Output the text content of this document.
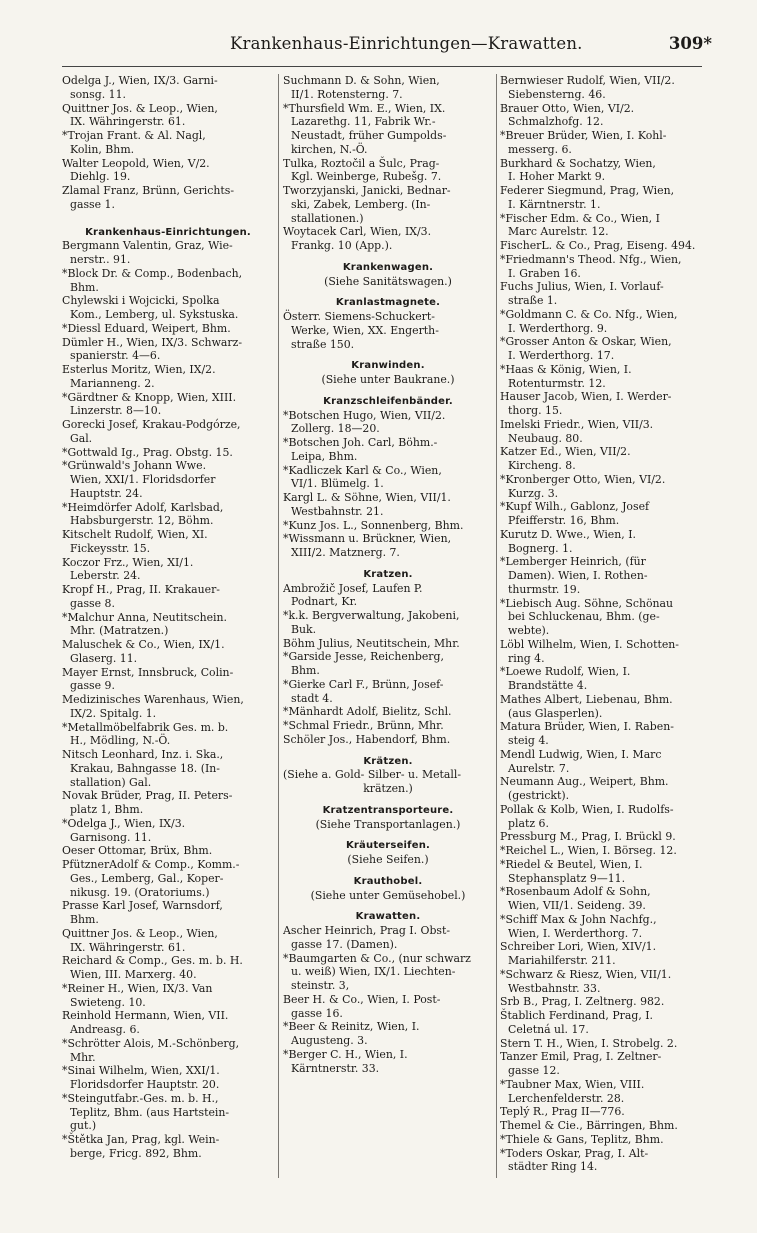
Krankenhaus-Einrichtungen—Krawatten.	309*
Odelga J., Wien, IX/3. Garni-
sonsg. 11.
Quittner Jos. & Leop., Wien,
IX. Währingerstr. 61.
*Trojan Frant. & Al. Nagl,
Kolin, Bhm.
Walter Leopold, Wien, V/2.
Diehlg. 19.
Zlamal Franz, Brünn, Gerichts-
gasse 1.
Krankenhaus-Einrichtungen.
Bergmann Valentin, Graz, Wie-
nerstr.. 91.
*Block Dr. & Comp., Bodenbach,
Bhm.
Chylewski i Wojcicki, Spolka
Kom., Lemberg, ul. Sykstuska.
*Diessl Eduard, Weipert, Bhm.
Dümler H., Wien, IX/3. Schwarz-
spanierstr. 4—6.
Esterlus Moritz, Wien, IX/2.
Marianneng. 2.
*Gärdtner & Knopp, Wien, XIII.
Linzerstr. 8—10.
Gorecki Josef, Krakau-Podgórze,
Gal.
*Gottwald Ig., Prag. Obstg. 15.
*Grünwald's Johann Wwe.
Wien, XXI/1. Floridsdorfer
Hauptstr. 24.
*Heimdörfer Adolf, Karlsbad,
Habsburgerstr. 12, Böhm.
Kitschelt Rudolf, Wien, XI.
Fickeysstr. 15.
Koczor Frz., Wien, XI/1.
Leberstr. 24.
Kropf H., Prag, II. Krakauer-
gasse 8.
*Malchur Anna, Neutitschein.
Mhr. (Matratzen.)
Maluschek & Co., Wien, IX/1.
Glaserg. 11.
Mayer Ernst, Innsbruck, Colin-
gasse 9.
Medizinisches Warenhaus, Wien,
IX/2. Spitalg. 1.
*Metallmöbelfabrik Ges. m. b.
H., Mödling, N.-Ö.
Nitsch Leonhard, Inz. i. Ska.,
Krakau, Bahngasse 18. (In-
stallation) Gal.
Novak Brüder, Prag, II. Peters-
platz 1, Bhm.
*Odelga J., Wien, IX/3.
Garnisong. 11.
Oeser Ottomar, Brüx, Bhm.
PfütznerAdolf & Comp., Komm.-
Ges., Lemberg, Gal., Koper-
nikusg. 19. (Oratoriums.)
Prasse Karl Josef, Warnsdorf,
Bhm.
Quittner Jos. & Leop., Wien,
IX. Währingerstr. 61.
Reichard & Comp., Ges. m. b. H.
Wien, III. Marxerg. 40.
*Reiner H., Wien, IX/3. Van
Swieteng. 10.
Reinhold Hermann, Wien, VII.
Andreasg. 6.
*Schrötter Alois, M.-Schönberg,
Mhr.
*Sinai Wilhelm, Wien, XXI/1.
Floridsdorfer Hauptstr. 20.
*Steingutfabr.-Ges. m. b. H.,
Teplitz, Bhm. (aus Hartstein-
gut.)
*Štětka Jan, Prag, kgl. Wein-
berge, Fricg. 892, Bhm.
Suchmann D. & Sohn, Wien,
II/1. Rotensterng. 7.
*Thursfield Wm. E., Wien, IX.
Lazarethg. 11, Fabrik Wr.-
Neustadt, früher Gumpolds-
kirchen, N.-Ö.
Tulka, Roztočil a Šulc, Prag-
Kgl. Weinberge, Rubešg. 7.
Tworzyjanski, Janicki, Bednar-
ski, Zabek, Lemberg. (In-
stallationen.)
Woytacek Carl, Wien, IX/3.
Frankg. 10 (App.).
Krankenwagen.
(Siehe Sanitätswagen.)
Kranlastmagnete.
Österr. Siemens-Schuckert-
Werke, Wien, XX. Engerth-
straße 150.
Kranwinden.
(Siehe unter Baukrane.)
Kranzschleifenbänder.
*Botschen Hugo, Wien, VII/2.
Zollerg. 18—20.
*Botschen Joh. Carl, Böhm.-
Leipa, Bhm.
*Kadliczek Karl & Co., Wien,
VI/1. Blümelg. 1.
Kargl L. & Söhne, Wien, VII/1.
Westbahnstr. 21.
*Kunz Jos. L., Sonnenberg, Bhm.
*Wissmann u. Brückner, Wien,
XIII/2. Matznerg. 7.
Kratzen.
Ambrožič Josef, Laufen P.
Podnart, Kr.
*k.k. Bergverwaltung, Jakobeni,
Buk.
Böhm Julius, Neutitschein, Mhr.
*Garside Jesse, Reichenberg,
Bhm.
*Gierke Carl F., Brünn, Josef-
stadt 4.
*Mänhardt Adolf, Bielitz, Schl.
*Schmal Friedr., Brünn, Mhr.
Schöler Jos., Habendorf, Bhm.
Krätzen.
(Siehe a. Gold- Silber- u. Metall-
krätzen.)
Kratzentransporteure.
(Siehe Transportanlagen.)
Kräuterseifen.
(Siehe Seifen.)
Krauthobel.
(Siehe unter Gemüsehobel.)
Krawatten.
Ascher Heinrich, Prag I. Obst-
gasse 17. (Damen).
*Baumgarten & Co., (nur schwarz
u. weiß) Wien, IX/1. Liechten-
steinstr. 3,
Beer H. & Co., Wien, I. Post-
gasse 16.
*Beer & Reinitz, Wien, I.
Augusteng. 3.
*Berger C. H., Wien, I.
Kärntnerstr. 33.
Bernwieser Rudolf, Wien, VII/2.
Siebensterng. 46.
Brauer Otto, Wien, VI/2.
Schmalzhofg. 12.
*Breuer Brüder, Wien, I. Kohl-
messerg. 6.
Burkhard & Sochatzy, Wien,
I. Hoher Markt 9.
Federer Siegmund, Prag, Wien,
I. Kärntnerstr. 1.
*Fischer Edm. & Co., Wien, I
Marc Aurelstr. 12.
FischerL. & Co., Prag, Eiseng. 494.
*Friedmann's Theod. Nfg., Wien,
I. Graben 16.
Fuchs Julius, Wien, I. Vorlauf-
straße 1.
*Goldmann C. & Co. Nfg., Wien,
I. Werderthorg. 9.
*Grosser Anton & Oskar, Wien,
I. Werderthorg. 17.
*Haas & König, Wien, I.
Rotenturmstr. 12.
Hauser Jacob, Wien, I. Werder-
thorg. 15.
Imelski Friedr., Wien, VII/3.
Neubaug. 80.
Katzer Ed., Wien, VII/2.
Kircheng. 8.
*Kronberger Otto, Wien, VI/2.
Kurzg. 3.
*Kupf Wilh., Gablonz, Josef
Pfeifferstr. 16, Bhm.
Kurutz D. Wwe., Wien, I.
Bognerg. 1.
*Lemberger Heinrich, (für
Damen). Wien, I. Rothen-
thurmstr. 19.
*Liebisch Aug. Söhne, Schönau
bei Schluckenau, Bhm. (ge-
webte).
Löbl Wilhelm, Wien, I. Schotten-
ring 4.
*Loewe Rudolf, Wien, I.
Brandstätte 4.
Mathes Albert, Liebenau, Bhm.
(aus Glasperlen).
Matura Brüder, Wien, I. Raben-
steig 4.
Mendl Ludwig, Wien, I. Marc
Aurelstr. 7.
Neumann Aug., Weipert, Bhm.
(gestrickt).
Pollak & Kolb, Wien, I. Rudolfs-
platz 6.
Pressburg M., Prag, I. Brückl 9.
*Reichel L., Wien, I. Börseg. 12.
*Riedel & Beutel, Wien, I.
Stephansplatz 9—11.
*Rosenbaum Adolf & Sohn,
Wien, VII/1. Seideng. 39.
*Schiff Max & John Nachfg.,
Wien, I. Werderthorg. 7.
Schreiber Lori, Wien, XIV/1.
Mariahilferstr. 211.
*Schwarz & Riesz, Wien, VII/1.
Westbahnstr. 33.
Srb B., Prag, I. Zeltnerg. 982.
Štablich Ferdinand, Prag, I.
Celetná ul. 17.
Stern T. H., Wien, I. Strobelg. 2.
Tanzer Emil, Prag, I. Zeltner-
gasse 12.
*Taubner Max, Wien, VIII.
Lerchenfelderstr. 28.
Teplý R., Prag II—776.
Themel & Cie., Bärringen, Bhm.
*Thiele & Gans, Teplitz, Bhm.
*Toders Oskar, Prag, I. Alt-
städter Ring 14.
